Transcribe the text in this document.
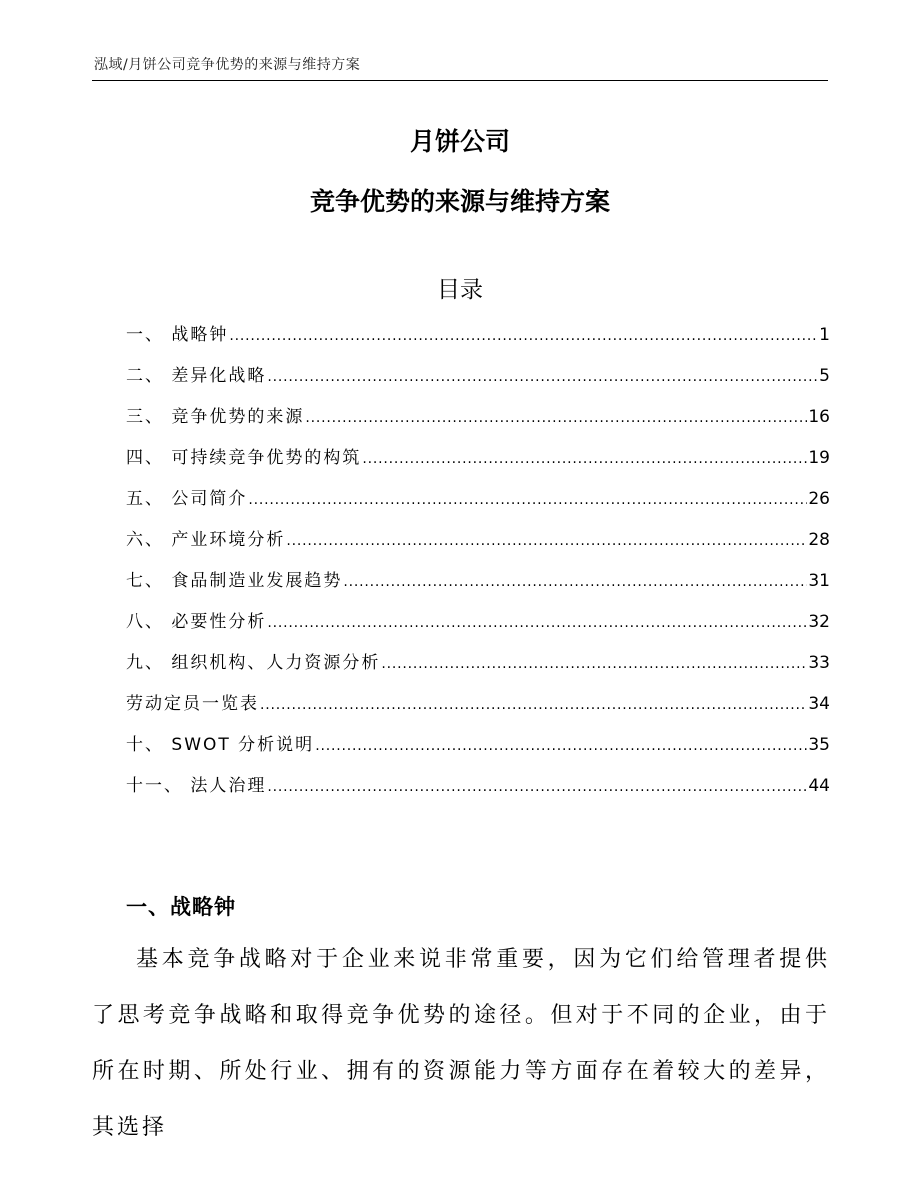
泓域/月饼公司竞争优势的来源与维持方案
月饼公司
竞争优势的来源与维持方案
目录
一、 战略钟 .....	1
二、 差异化战略 .....	5
三、 竞争优势的来源 .....	16
四、 可持续竞争优势的构筑 .....	19
五、 公司简介 .....	26
六、 产业环境分析 .....	28
七、 食品制造业发展趋势 .....	31
八、 必要性分析 .....	32
九、 组织机构、人力资源分析 .....	33
劳动定员一览表 .....	34
十、 SWOT 分析说明 .....	35
十一、 法人治理 .....	44
一、战略钟

基本竞争战略对于企业来说非常重要，因为它们给管理者提供了思考竞争战略和取得竞争优势的途径。但对于不同的企业，由于所在时期、所处行业、拥有的资源能力等方面存在着较大的差异，其选择
